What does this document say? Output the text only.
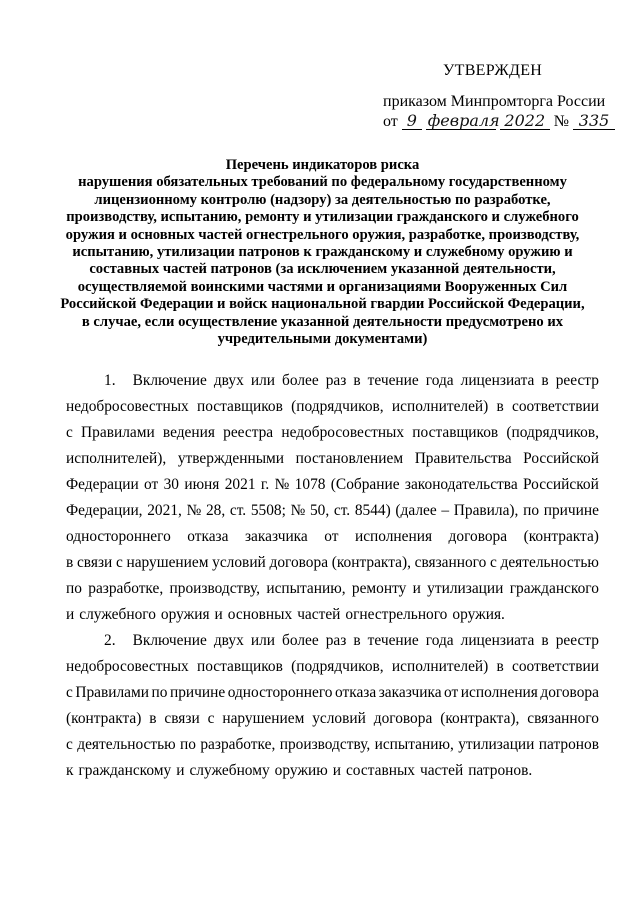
УТВЕРЖДЕН
приказом Минпромторга России
от 9 февраля 2022 № 335
Перечень индикаторов риска
нарушения обязательных требований по федеральному государственному
лицензионному контролю (надзору) за деятельностью по разработке,
производству, испытанию, ремонту и утилизации гражданского и служебного
оружия и основных частей огнестрельного оружия, разработке, производству,
испытанию, утилизации патронов к гражданскому и служебному оружию и
составных частей патронов (за исключением указанной деятельности,
осуществляемой воинскими частями и организациями Вооруженных Сил
Российской Федерации и войск национальной гвардии Российской Федерации,
в случае, если осуществление указанной деятельности предусмотрено их
учредительными документами)
1. Включение двух или более раз в течение года лицензиата в реестр
недобросовестных поставщиков (подрядчиков, исполнителей) в соответствии
с Правилами ведения реестра недобросовестных поставщиков (подрядчиков,
исполнителей), утвержденными постановлением Правительства Российской
Федерации от 30 июня 2021 г. № 1078 (Собрание законодательства Российской
Федерации, 2021, № 28, ст. 5508; № 50, ст. 8544) (далее – Правила), по причине
одностороннего отказа заказчика от исполнения договора (контракта)
в связи с нарушением условий договора (контракта), связанного с деятельностью
по разработке, производству, испытанию, ремонту и утилизации гражданского
и служебного оружия и основных частей огнестрельного оружия.
2. Включение двух или более раз в течение года лицензиата в реестр
недобросовестных поставщиков (подрядчиков, исполнителей) в соответствии
с Правилами по причине одностороннего отказа заказчика от исполнения договора
(контракта) в связи с нарушением условий договора (контракта), связанного
с деятельностью по разработке, производству, испытанию, утилизации патронов
к гражданскому и служебному оружию и составных частей патронов.
